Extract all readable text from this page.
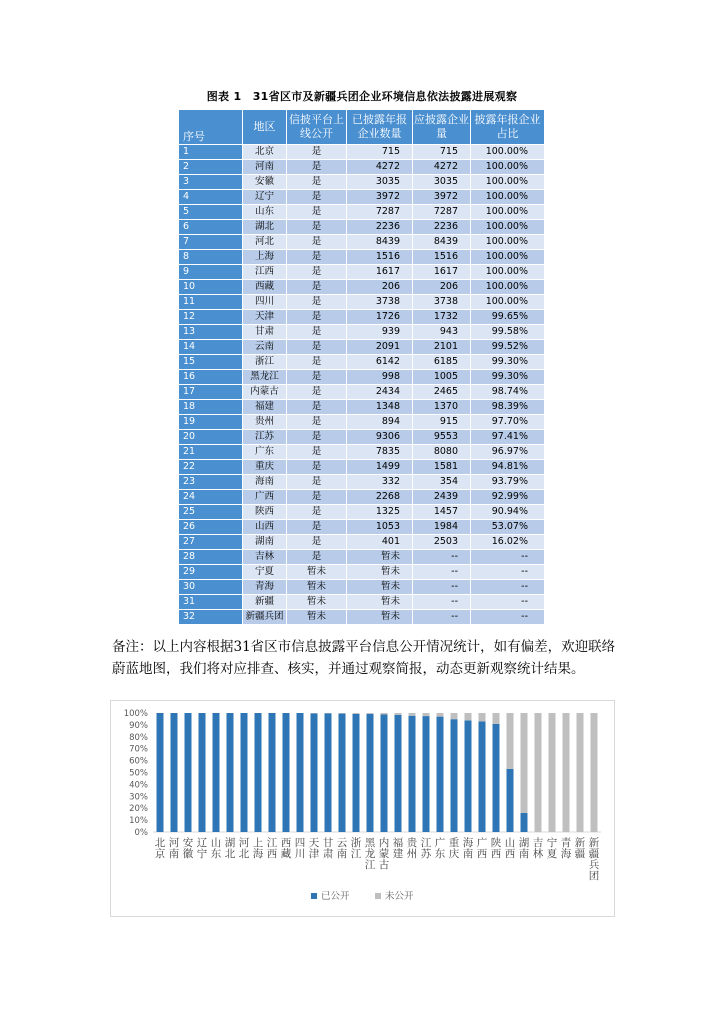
图表 1　31省区市及新疆兵团企业环境信息依法披露进展观察
序号	地区	信披平台上线公开	已披露年报企业数量	应披露企业量	披露年报企业占比
1	北京	是	715	715	100.00%
2	河南	是	4272	4272	100.00%
3	安徽	是	3035	3035	100.00%
4	辽宁	是	3972	3972	100.00%
5	山东	是	7287	7287	100.00%
6	湖北	是	2236	2236	100.00%
7	河北	是	8439	8439	100.00%
8	上海	是	1516	1516	100.00%
9	江西	是	1617	1617	100.00%
10	西藏	是	206	206	100.00%
11	四川	是	3738	3738	100.00%
12	天津	是	1726	1732	99.65%
13	甘肃	是	939	943	99.58%
14	云南	是	2091	2101	99.52%
15	浙江	是	6142	6185	99.30%
16	黑龙江	是	998	1005	99.30%
17	内蒙古	是	2434	2465	98.74%
18	福建	是	1348	1370	98.39%
19	贵州	是	894	915	97.70%
20	江苏	是	9306	9553	97.41%
21	广东	是	7835	8080	96.97%
22	重庆	是	1499	1581	94.81%
23	海南	是	332	354	93.79%
24	广西	是	2268	2439	92.99%
25	陕西	是	1325	1457	90.94%
26	山西	是	1053	1984	53.07%
27	湖南	是	401	2503	16.02%
28	吉林	是	暂未	--	--
29	宁夏	暂未	暂未	--	--
30	青海	暂未	暂未	--	--
31	新疆	暂未	暂未	--	--
32	新疆兵团	暂未	暂未	--	--
备注：以上内容根据31省区市信息披露平台信息公开情况统计，如有偏差，欢迎联络蔚蓝地图，我们将对应排查、核实，并通过观察简报，动态更新观察统计结果。
0%
10%
20%
30%
40%
50%
60%
70%
80%
90%
100%
北
京
河
南
安
徽
辽
宁
山
东
湖
北
河
北
上
海
江
西
西
藏
四
川
天
津
甘
肃
云
南
浙
江
黑
龙
江
内
蒙
古
福
建
贵
州
江
苏
广
东
重
庆
海
南
广
西
陕
西
山
西
湖
南
吉
林
宁
夏
青
海
新
疆
新
疆
兵
团
已公开	未公开
